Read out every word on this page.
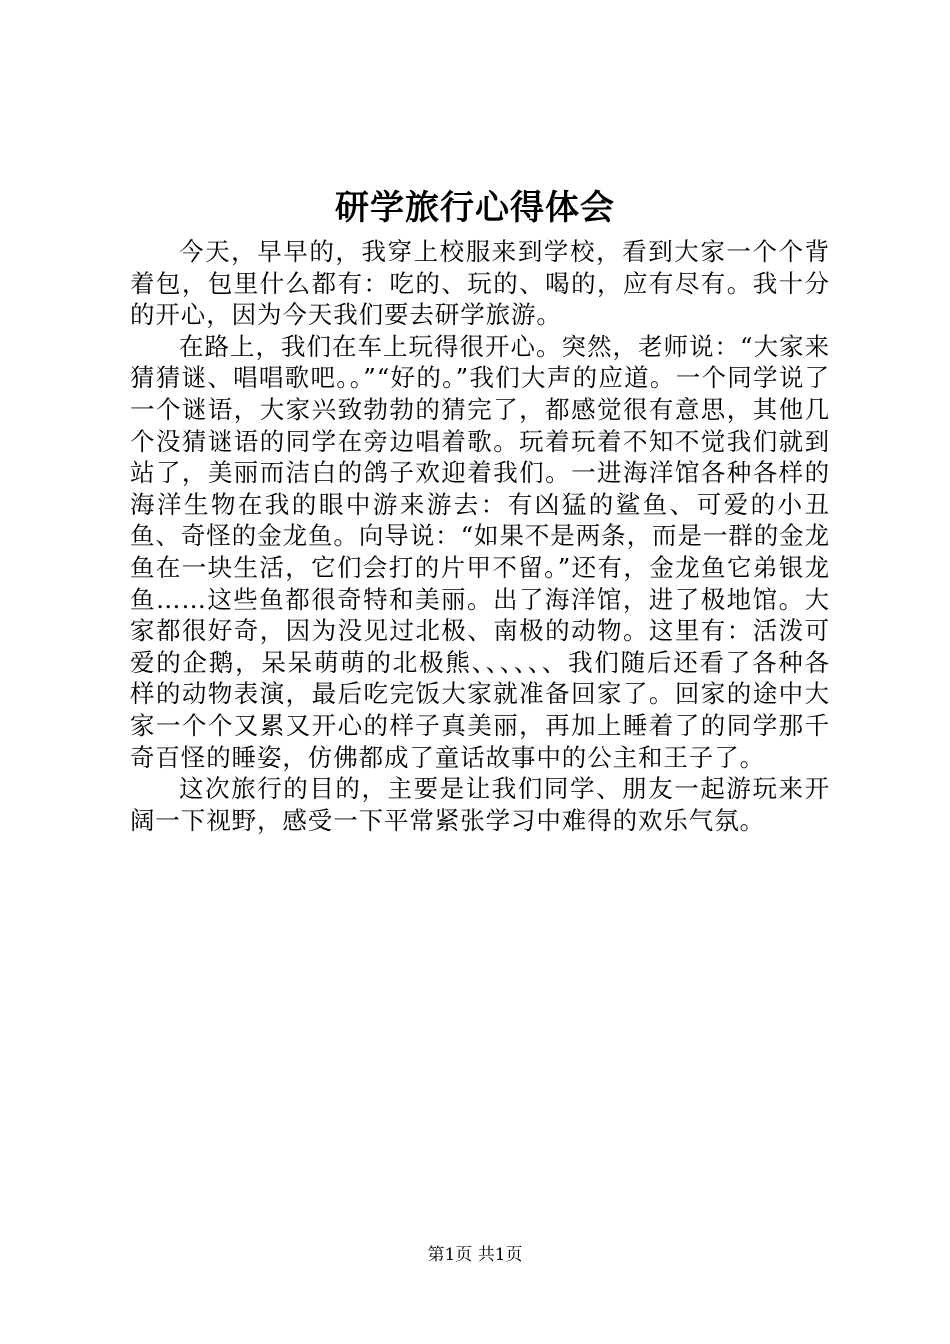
研学旅行心得体会

今天，早早的，我穿上校服来到学校，看到大家一个个背着包，包里什么都有：吃的、玩的、喝的，应有尽有。我十分的开心，因为今天我们要去研学旅游。

在路上，我们在车上玩得很开心。突然，老师说：“大家来猜猜谜、唱唱歌吧。。”“好的。”我们大声的应道。一个同学说了一个谜语，大家兴致勃勃的猜完了，都感觉很有意思，其他几个没猜谜语的同学在旁边唱着歌。玩着玩着不知不觉我们就到站了，美丽而洁白的鸽子欢迎着我们。一进海洋馆各种各样的海洋生物在我的眼中游来游去：有凶猛的鲨鱼、可爱的小丑鱼、奇怪的金龙鱼。向导说：“如果不是两条，而是一群的金龙鱼在一块生活，它们会打的片甲不留。”还有，金龙鱼它弟银龙鱼……这些鱼都很奇特和美丽。出了海洋馆，进了极地馆。大家都很好奇，因为没见过北极、南极的动物。这里有：活泼可爱的企鹅，呆呆萌萌的北极熊、、、、、、我们随后还看了各种各样的动物表演，最后吃完饭大家就准备回家了。回家的途中大家一个个又累又开心的样子真美丽，再加上睡着了的同学那千奇百怪的睡姿，仿佛都成了童话故事中的公主和王子了。

这次旅行的目的，主要是让我们同学、朋友一起游玩来开阔一下视野，感受一下平常紧张学习中难得的欢乐气氛。

第1页 共1页
